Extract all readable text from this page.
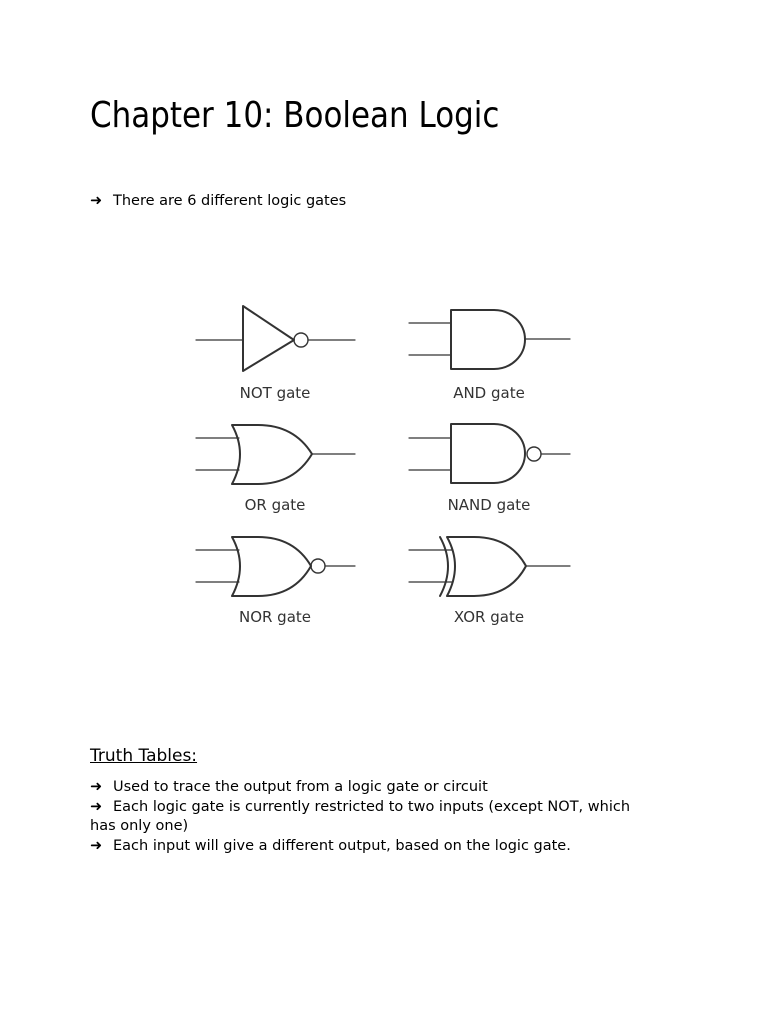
Chapter 10: Boolean Logic
➜ There are 6 different logic gates
NOT gate	AND gate
OR gate	NAND gate
NOR gate	XOR gate
Truth Tables:
➜ Used to trace the output from a logic gate or circuit
➜ Each logic gate is currently restricted to two inputs (except NOT, which has only one)
➜ Each input will give a different output, based on the logic gate.
